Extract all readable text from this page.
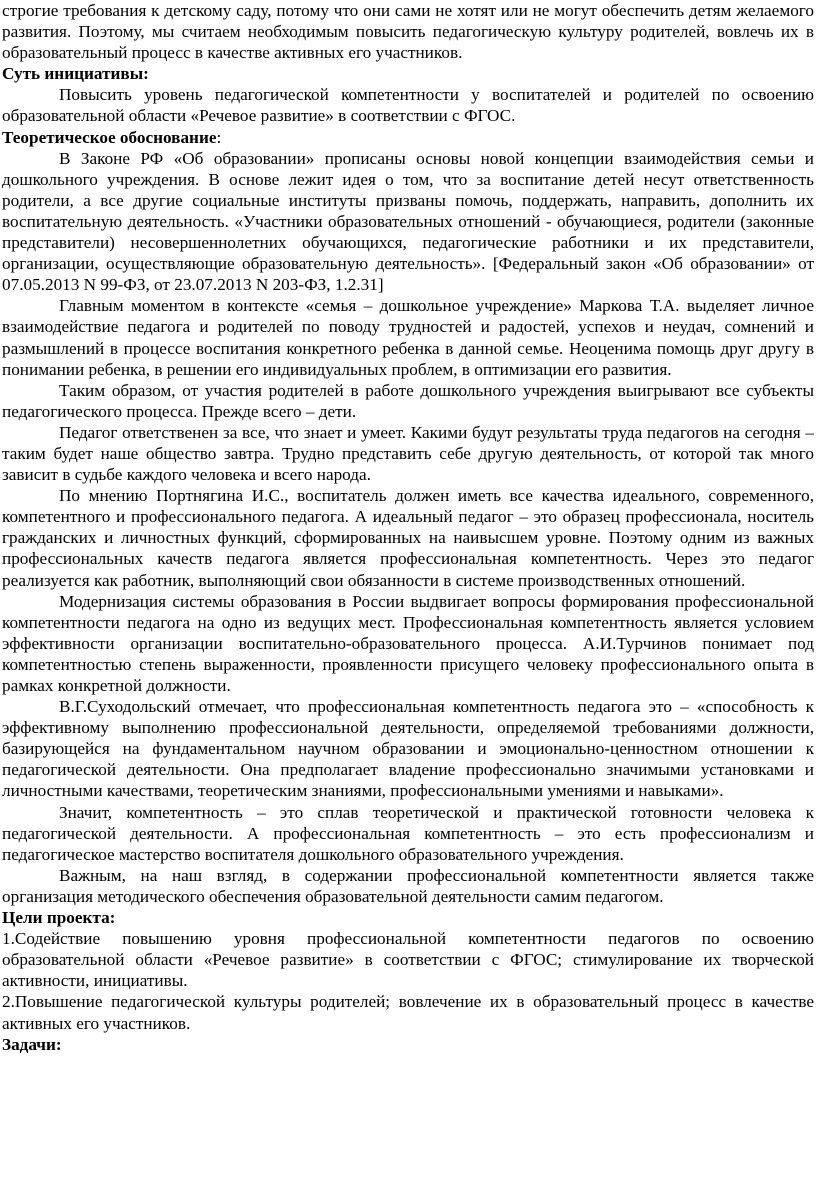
строгие требования к детскому саду, потому что они сами не хотят или не могут обеспечить детям желаемого развития. Поэтому, мы считаем необходимым повысить педагогическую культуру родителей, вовлечь их в образовательный процесс в качестве активных его участников.

Суть инициативы:

Повысить уровень педагогической компетентности у воспитателей и родителей по освоению образовательной области «Речевое развитие» в соответствии с ФГОС.

Теоретическое обоснование:

В Законе РФ «Об образовании» прописаны основы новой концепции взаимодействия семьи и дошкольного учреждения. В основе лежит идея о том, что за воспитание детей несут ответственность родители, а все другие социальные институты призваны помочь, поддержать, направить, дополнить их воспитательную деятельность. «Участники образовательных отношений - обучающиеся, родители (законные представители) несовершеннолетних обучающихся, педагогические работники и их представители, организации, осуществляющие образовательную деятельность». [Федеральный закон «Об образовании» от 07.05.2013 N 99-ФЗ, от 23.07.2013 N 203-ФЗ, 1.2.31]

Главным моментом в контексте «семья – дошкольное учреждение» Маркова Т.А. выделяет личное взаимодействие педагога и родителей по поводу трудностей и радостей, успехов и неудач, сомнений и размышлений в процессе воспитания конкретного ребенка в данной семье. Неоценима помощь друг другу в понимании ребенка, в решении его индивидуальных проблем, в оптимизации его развития.

Таким образом, от участия родителей в работе дошкольного учреждения выигрывают все субъекты педагогического процесса. Прежде всего – дети.

Педагог ответственен за все, что знает и умеет. Какими будут результаты труда педагогов на сегодня – таким будет наше общество завтра. Трудно представить себе другую деятельность, от которой так много зависит в судьбе каждого человека и всего народа.

По мнению Портнягина И.С., воспитатель должен иметь все качества идеального, современного, компетентного и профессионального педагога. А идеальный педагог – это образец профессионала, носитель гражданских и личностных функций, сформированных на наивысшем уровне. Поэтому одним из важных профессиональных качеств педагога является профессиональная компетентность. Через это педагог реализуется как работник, выполняющий свои обязанности в системе производственных отношений.

Модернизация системы образования в России выдвигает вопросы формирования профессиональной компетентности педагога на одно из ведущих мест. Профессиональная компетентность является условием эффективности организации воспитательно-образовательного процесса. А.И.Турчинов понимает под компетентностью степень выраженности, проявленности присущего человеку профессионального опыта в рамках конкретной должности.

В.Г.Суходольский отмечает, что профессиональная компетентность педагога это – «способность к эффективному выполнению профессиональной деятельности, определяемой требованиями должности, базирующейся на фундаментальном научном образовании и эмоционально-ценностном отношении к педагогической деятельности. Она предполагает владение профессионально значимыми установками и личностными качествами, теоретическим знаниями, профессиональными умениями и навыками».

Значит, компетентность – это сплав теоретической и практической готовности человека к педагогической деятельности. А профессиональная компетентность – это есть профессионализм и педагогическое мастерство воспитателя дошкольного образовательного учреждения.

Важным, на наш взгляд, в содержании профессиональной компетентности является также организация методического обеспечения образовательной деятельности самим педагогом.

Цели проекта:

1.Содействие повышению уровня профессиональной компетентности педагогов по освоению образовательной области «Речевое развитие» в соответствии с ФГОС; стимулирование их творческой активности, инициативы.

2.Повышение педагогической культуры родителей; вовлечение их в образовательный процесс в качестве активных его участников.

Задачи:
